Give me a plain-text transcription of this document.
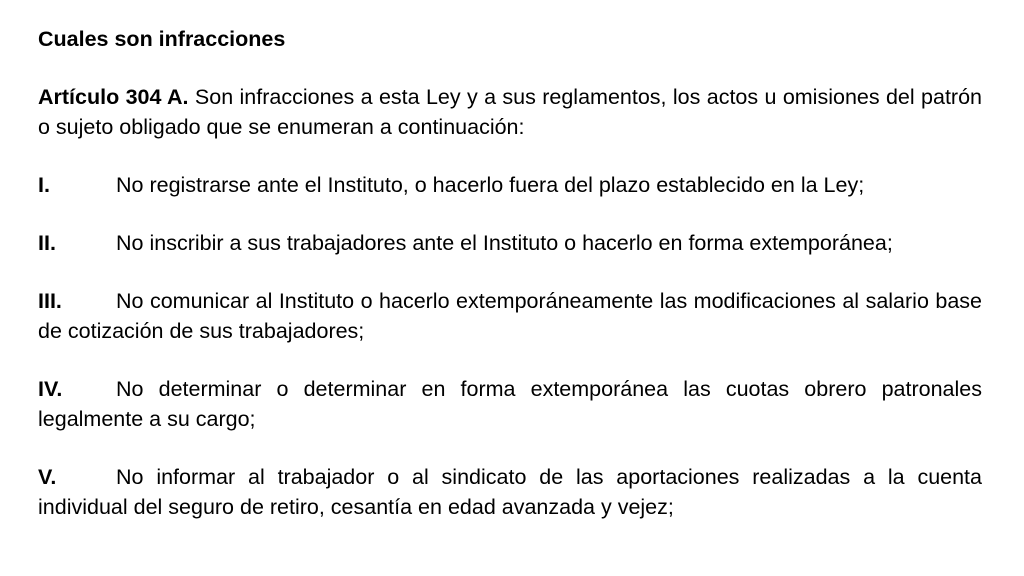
Cuales son infracciones

Artículo 304 A. Son infracciones a esta Ley y a sus reglamentos, los actos u omisiones del patrón o sujeto obligado que se enumeran a continuación:

I.	No registrarse ante el Instituto, o hacerlo fuera del plazo establecido en la Ley;

II.	No inscribir a sus trabajadores ante el Instituto o hacerlo en forma extemporánea;

III.	No comunicar al Instituto o hacerlo extemporáneamente las modificaciones al salario base de cotización de sus trabajadores;

IV. No determinar o determinar en forma extemporánea las cuotas obrero patronales legalmente a su cargo;

V.	No informar al trabajador o al sindicato de las aportaciones realizadas a la cuenta individual del seguro de retiro, cesantía en edad avanzada y vejez;
